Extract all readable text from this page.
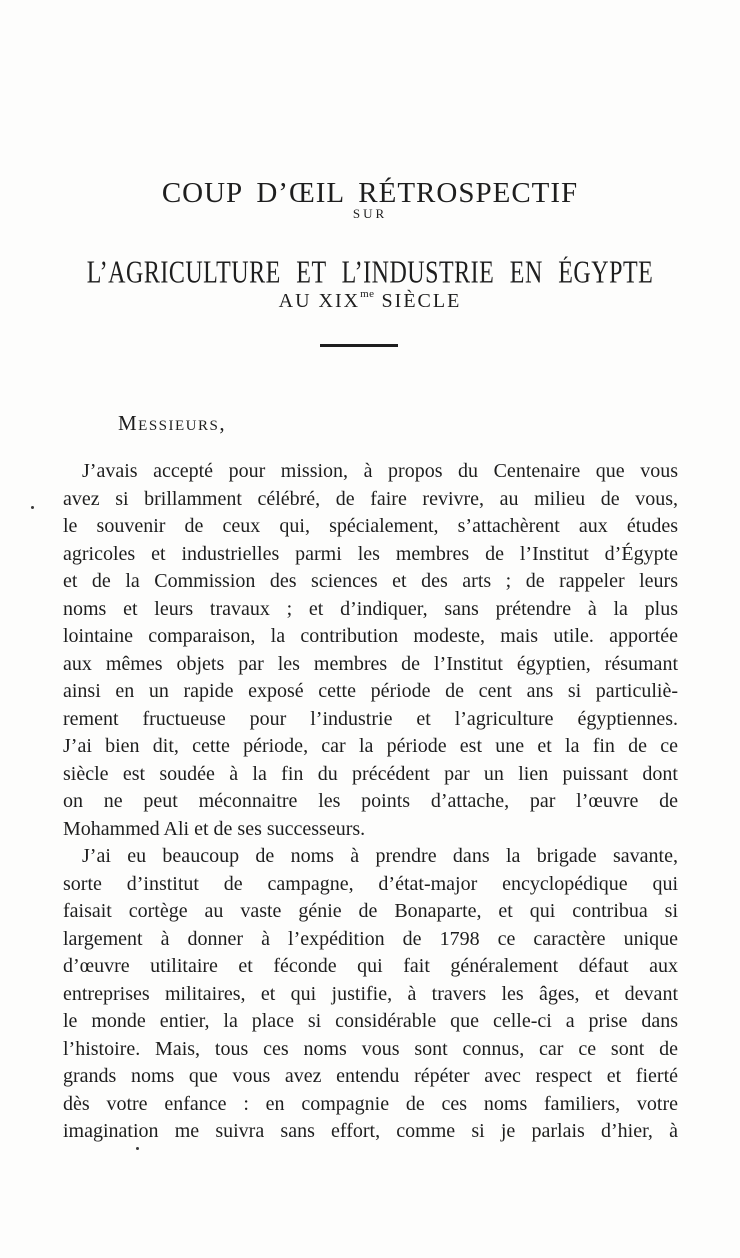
COUP D’ŒIL RÉTROSPECTIF
SUR
L’AGRICULTURE ET L’INDUSTRIE EN ÉGYPTE
AU $XIX^{me}$ SIÈCLE
Messieurs,
J’avais accepté pour mission, à propos du Centenaire que vous
avez si brillamment célébré, de faire revivre, au milieu de vous,
le souvenir de ceux qui, spécialement, s’attachèrent aux études
agricoles et industrielles parmi les membres de l’Institut d’Égypte
et de la Commission des sciences et des arts ; de rappeler leurs
noms et leurs travaux ; et d’indiquer, sans prétendre à la plus
lointaine comparaison, la contribution modeste, mais utile. apportée
aux mêmes objets par les membres de l’Institut égyptien, résumant
ainsi en un rapide exposé cette période de cent ans si particuliè-
rement fructueuse pour l’industrie et l’agriculture égyptiennes.
J’ai bien dit, cette période, car la période est une et la fin de ce
siècle est soudée à la fin du précédent par un lien puissant dont
on ne peut méconnaitre les points d’attache, par l’œuvre de
Mohammed Ali et de ses successeurs.
J’ai eu beaucoup de noms à prendre dans la brigade savante,
sorte d’institut de campagne, d’état-major encyclopédique qui
faisait cortège au vaste génie de Bonaparte, et qui contribua si
largement à donner à l’expédition de 1798 ce caractère unique
d’œuvre utilitaire et féconde qui fait généralement défaut aux
entreprises militaires, et qui justifie, à travers les âges, et devant
le monde entier, la place si considérable que celle-ci a prise dans
l’histoire. Mais, tous ces noms vous sont connus, car ce sont de
grands noms que vous avez entendu répéter avec respect et fierté
dès votre enfance : en compagnie de ces noms familiers, votre
imagination me suivra sans effort, comme si je parlais d’hier, à
